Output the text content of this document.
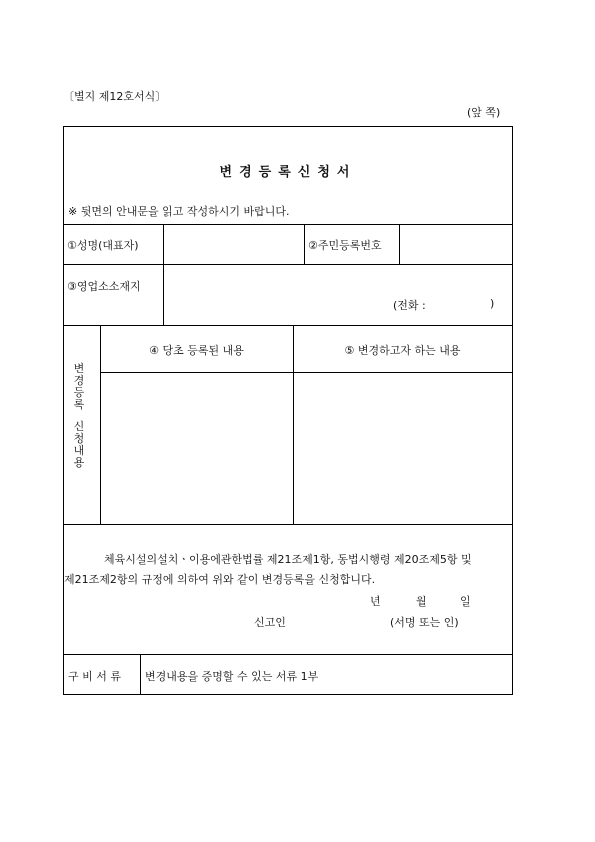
〔별지 제12호서식〕
(앞 쪽)
변경등록신청서
※ 뒷면의 안내문을 읽고 작성하시기 바랍니다.
①성명(대표자)	②주민등록번호
③영업소소재지
(전화 :	)
변경등록
신청내용
④ 당초 등록된 내용	⑤ 변경하고자 하는 내용
체육시설의설치ㆍ이용에관한법률 제21조제1항, 동법시행령 제20조제5항 및
제21조제2항의 규정에 의하여 위와 같이 변경등록을 신청합니다.
년	월	일
신고인	(서명 또는 인)
구 비 서 류 변경내용을 증명할 수 있는 서류 1부
